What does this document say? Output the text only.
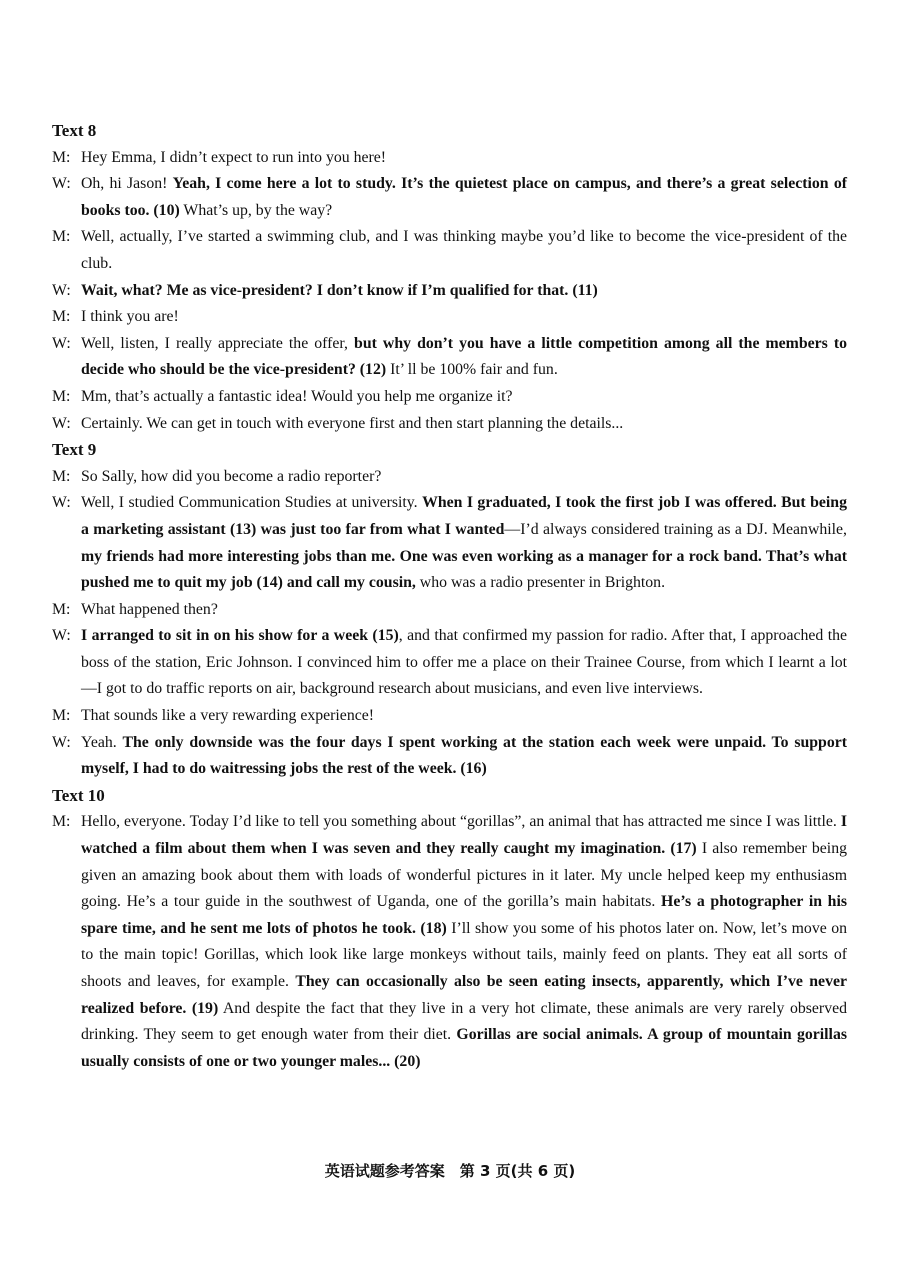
Text 8
M: Hey Emma, I didn’t expect to run into you here!
W: Oh, hi Jason! Yeah, I come here a lot to study. It’s the quietest place on campus, and there’s a great selection of books too. (10) What’s up, by the way?
M: Well, actually, I’ve started a swimming club, and I was thinking maybe you’d like to become the vice-president of the club.
W: Wait, what? Me as vice-president? I don’t know if I’m qualified for that. (11)
M: I think you are!
W: Well, listen, I really appreciate the offer, but why don’t you have a little competition among all the members to decide who should be the vice-president? (12) It’ ll be 100% fair and fun.
M: Mm, that’s actually a fantastic idea! Would you help me organize it?
W: Certainly. We can get in touch with everyone first and then start planning the details...
Text 9
M: So Sally, how did you become a radio reporter?
W: Well, I studied Communication Studies at university. When I graduated, I took the first job I was offered. But being a marketing assistant (13) was just too far from what I wanted—I’d always considered training as a DJ. Meanwhile, my friends had more interesting jobs than me. One was even working as a manager for a rock band. That’s what pushed me to quit my job (14) and call my cousin, who was a radio presenter in Brighton.
M: What happened then?
W: I arranged to sit in on his show for a week (15), and that confirmed my passion for radio. After that, I approached the boss of the station, Eric Johnson. I convinced him to offer me a place on their Trainee Course, from which I learnt a lot—I got to do traffic reports on air, background research about musicians, and even live interviews.
M: That sounds like a very rewarding experience!
W: Yeah. The only downside was the four days I spent working at the station each week were unpaid. To support myself, I had to do waitressing jobs the rest of the week. (16)
Text 10
M: Hello, everyone. Today I’d like to tell you something about “gorillas”, an animal that has attracted me since I was little. I watched a film about them when I was seven and they really caught my imagination. (17) I also remember being given an amazing book about them with loads of wonderful pictures in it later. My uncle helped keep my enthusiasm going. He’s a tour guide in the southwest of Uganda, one of the gorilla’s main habitats. He’s a photographer in his spare time, and he sent me lots of photos he took. (18) I’ll show you some of his photos later on. Now, let’s move on to the main topic! Gorillas, which look like large monkeys without tails, mainly feed on plants. They eat all sorts of shoots and leaves, for example. They can occasionally also be seen eating insects, apparently, which I’ve never realized before. (19) And despite the fact that they live in a very hot climate, these animals are very rarely observed drinking. They seem to get enough water from their diet. Gorillas are social animals. A group of mountain gorillas usually consists of one or two younger males... (20)
英语试题参考答案　第 3 页(共 6 页)
